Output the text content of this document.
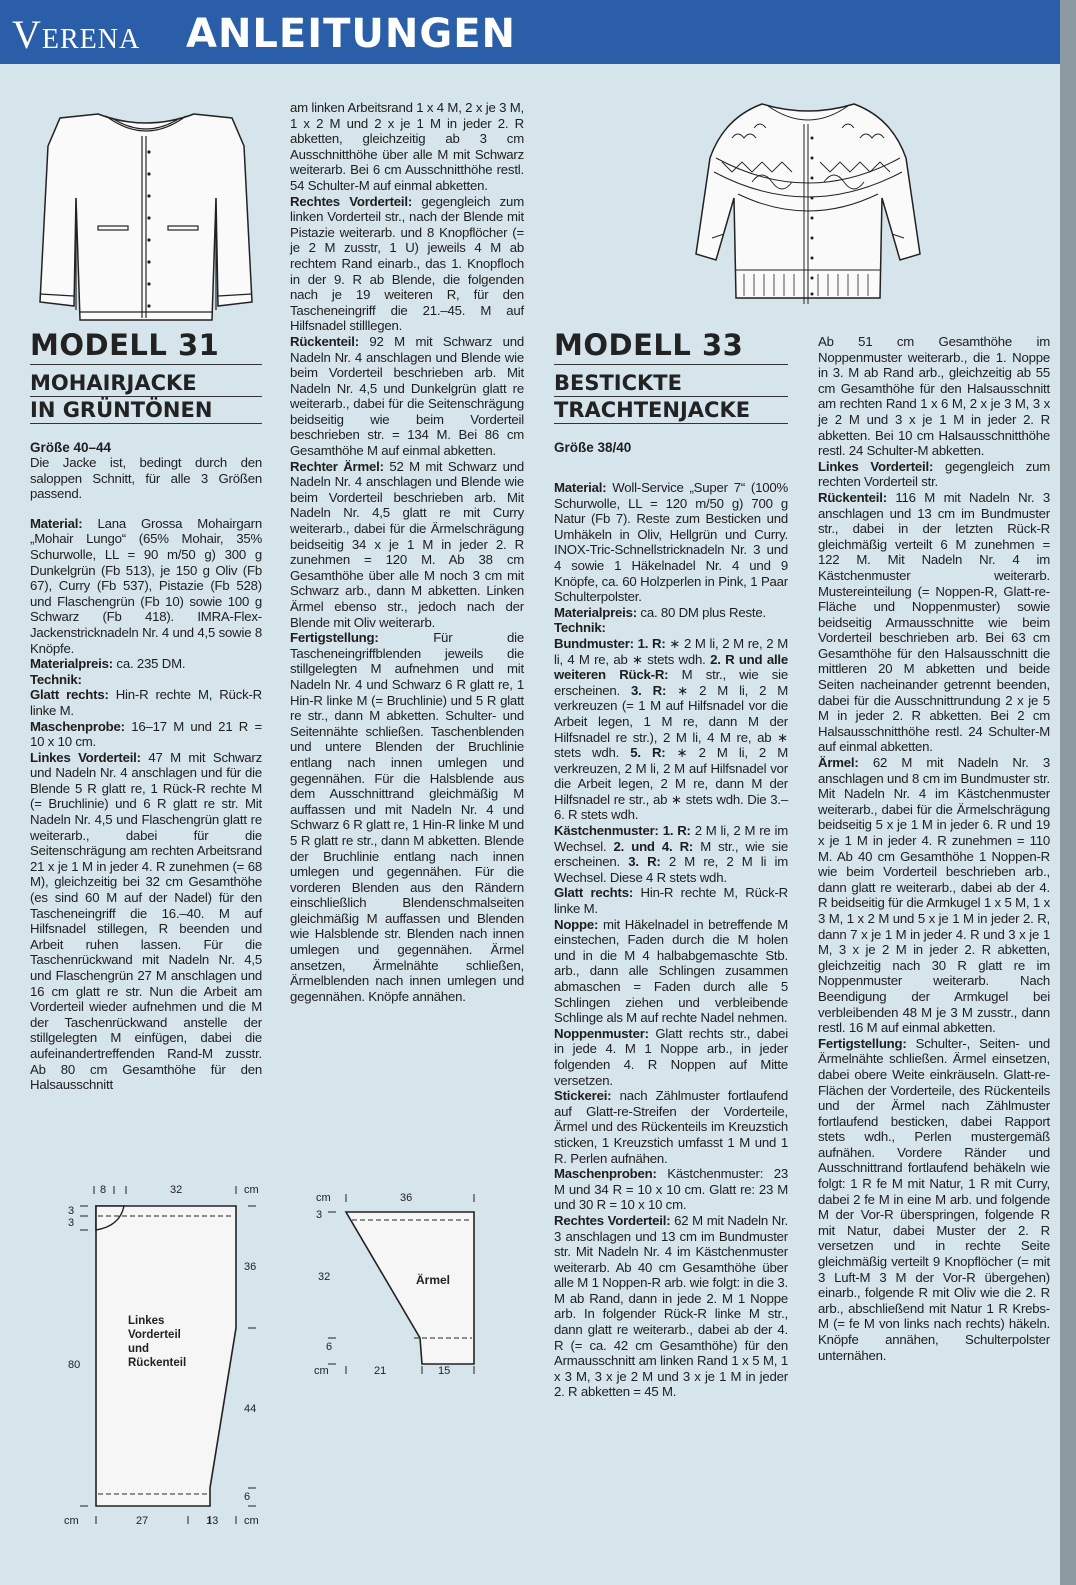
Verena ANLEITUNGEN
MODELL 31
MOHAIRJACKE
IN GRÜNTÖNEN
Größe 40–44

Die Jacke ist, bedingt durch den saloppen Schnitt, für alle 3 Größen passend.

Material: Lana Grossa Mohairgarn „Mohair Lungo“ (65% Mohair, 35% Schurwolle, LL = 90 m/50 g) 300 g Dunkelgrün (Fb 513), je 150 g Oliv (Fb 67), Curry (Fb 537), Pistazie (Fb 528) und Flaschengrün (Fb 10) sowie 100 g Schwarz (Fb 418). IMRA-Flex-Jackenstricknadeln Nr. 4 und 4,5 sowie 8 Knöpfe.

Materialpreis: ca. 235 DM.

Technik:

Glatt rechts: Hin-R rechte M, Rück-R linke M.

Maschenprobe: 16–17 M und 21 R = 10 x 10 cm.

Linkes Vorderteil: 47 M mit Schwarz und Nadeln Nr. 4 anschlagen und für die Blende 5 R glatt re, 1 Rück-R rechte M (= Bruchlinie) und 6 R glatt re str. Mit Nadeln Nr. 4,5 und Flaschengrün glatt re weiterarb., dabei für die Seitenschrägung am rechten Arbeitsrand 21 x je 1 M in jeder 4. R zunehmen (= 68 M), gleichzeitig bei 32 cm Gesamthöhe (es sind 60 M auf der Nadel) für den Tascheneingriff die 16.–40. M auf Hilfsnadel stillegen, R beenden und Arbeit ruhen lassen. Für die Taschenrückwand mit Nadeln Nr. 4,5 und Flaschengrün 27 M anschlagen und 16 cm glatt re str. Nun die Arbeit am Vorderteil wieder aufnehmen und die M der Taschenrückwand anstelle der stillgelegten M einfügen, dabei die aufeinandertreffenden Rand-M zusstr. Ab 80 cm Gesamthöhe für den Halsausschnitt

am linken Arbeitsrand 1 x 4 M, 2 x je 3 M, 1 x 2 M und 2 x je 1 M in jeder 2. R abketten, gleichzeitig ab 3 cm Ausschnitthöhe über alle M mit Schwarz weiterarb. Bei 6 cm Ausschnitthöhe restl. 54 Schulter-M auf einmal abketten.

Rechtes Vorderteil: gegengleich zum linken Vorderteil str., nach der Blende mit Pistazie weiterarb. und 8 Knopflöcher (= je 2 M zusstr, 1 U) jeweils 4 M ab rechtem Rand einarb., das 1. Knopfloch in der 9. R ab Blende, die folgenden nach je 19 weiteren R, für den Tascheneingriff die 21.–45. M auf Hilfsnadel stilllegen.

Rückenteil: 92 M mit Schwarz und Nadeln Nr. 4 anschlagen und Blende wie beim Vorderteil beschrieben arb. Mit Nadeln Nr. 4,5 und Dunkelgrün glatt re weiterarb., dabei für die Seitenschrägung beidseitig wie beim Vorderteil beschrieben str. = 134 M. Bei 86 cm Gesamthöhe M auf einmal abketten.

Rechter Ärmel: 52 M mit Schwarz und Nadeln Nr. 4 anschlagen und Blende wie beim Vorderteil beschrieben arb. Mit Nadeln Nr. 4,5 glatt re mit Curry weiterarb., dabei für die Ärmelschrägung beidseitig 34 x je 1 M in jeder 2. R zunehmen = 120 M. Ab 38 cm Gesamthöhe über alle M noch 3 cm mit Schwarz arb., dann M abketten. Linken Ärmel ebenso str., jedoch nach der Blende mit Oliv weiterarb.

Fertigstellung:	Für die Tascheneingriffblenden jeweils die stillgelegten M aufnehmen und mit Nadeln Nr. 4 und Schwarz 6 R glatt re, 1 Hin-R linke M (= Bruchlinie) und 5 R glatt re str., dann M abketten. Schulter- und Seitennähte schließen. Taschenblenden und untere Blenden der Bruchlinie entlang nach innen umlegen und gegennähen. Für die Halsblende aus dem Ausschnittrand gleichmäßig M auffassen und mit Nadeln Nr. 4 und Schwarz 6 R glatt re, 1 Hin-R linke M und 5 R glatt re str., dann M abketten. Blende der Bruchlinie entlang nach innen umlegen und gegennähen. Für die vorderen Blenden aus den Rändern einschließlich Blendenschmalseiten gleichmäßig M auffassen und Blenden wie Halsblende str. Blenden nach innen umlegen und gegennähen. Ärmel ansetzen, Ärmelnähte schließen, Ärmelblenden nach innen umlegen und gegennähen. Knöpfe annähen.

MODELL 33
BESTICKTE
TRACHTENJACKE
Größe 38/40

Material: Woll-Service „Super 7“ (100% Schurwolle, LL = 120 m/50 g) 700 g Natur (Fb 7). Reste zum Besticken und Umhäkeln in Oliv, Hellgrün und Curry. INOX-Tric-Schnellstricknadeln Nr. 3 und 4 sowie 1 Häkelnadel Nr. 4 und 9 Knöpfe, ca. 60 Holzperlen in Pink, 1 Paar Schulterpolster.

Materialpreis: ca. 80 DM plus Reste.

Technik:

Bundmuster: 1. R: ∗ 2 M li, 2 M re, 2 M li, 4 M re, ab ∗ stets wdh. 2. R und alle weiteren Rück-R: M str., wie sie erscheinen. 3. R: ∗ 2 M li, 2 M verkreuzen (= 1 M auf Hilfsnadel vor die Arbeit legen, 1 M re, dann M der Hilfsnadel re str.), 2 M li, 4 M re, ab ∗ stets wdh. 5. R: ∗ 2 M li, 2 M verkreuzen, 2 M li, 2 M auf Hilfsnadel vor die Arbeit legen, 2 M re, dann M der Hilfsnadel re str., ab ∗ stets wdh. Die 3.–6. R stets wdh.

Kästchenmuster: 1. R: 2 M li, 2 M re im Wechsel. 2. und 4. R: M str., wie sie erscheinen. 3. R: 2 M re, 2 M li im Wechsel. Diese 4 R stets wdh.

Glatt rechts: Hin-R rechte M, Rück-R linke M.

Noppe: mit Häkelnadel in betreffende M einstechen, Faden durch die M holen und in die M 4 halbabgemaschte Stb. arb., dann alle Schlingen zusammen abmaschen = Faden durch alle 5 Schlingen ziehen und verbleibende Schlinge als M auf rechte Nadel nehmen.

Noppenmuster: Glatt rechts str., dabei in jede 4. M 1 Noppe arb., in jeder folgenden 4. R Noppen auf Mitte versetzen.

Stickerei: nach Zählmuster fortlaufend auf Glatt-re-Streifen der Vorderteile, Ärmel und des Rückenteils im Kreuzstich sticken, 1 Kreuzstich umfasst 1 M und 1 R. Perlen aufnähen.

Maschenproben: Kästchenmuster: 23 M und 34 R = 10 x 10 cm. Glatt re: 23 M und 30 R = 10 x 10 cm.

Rechtes Vorderteil: 62 M mit Nadeln Nr. 3 anschlagen und 13 cm im Bundmuster str. Mit Nadeln Nr. 4 im Kästchenmuster weiterarb. Ab 40 cm Gesamthöhe über alle M 1 Noppen-R arb. wie folgt: in die 3. M ab Rand, dann in jede 2. M 1 Noppe arb. In folgender Rück-R linke M str., dann glatt re weiterarb., dabei ab der 4. R (= ca. 42 cm Gesamthöhe) für den Armausschnitt am linken Rand 1 x 5 M, 1 x 3 M, 3 x je 2 M und 3 x je 1 M in jeder 2. R abketten = 45 M.

Ab 51 cm Gesamthöhe im Noppenmuster weiterarb., die 1. Noppe in 3. M ab Rand arb., gleichzeitig ab 55 cm Gesamthöhe für den Halsausschnitt am rechten Rand 1 x 6 M, 2 x je 3 M, 3 x je 2 M und 3 x je 1 M in jeder 2. R abketten. Bei 10 cm Halsausschnitthöhe restl. 24 Schulter-M abketten.

Linkes Vorderteil: gegengleich zum rechten Vorderteil str.

Rückenteil: 116 M mit Nadeln Nr. 3 anschlagen und 13 cm im Bundmuster str., dabei in der letzten Rück-R gleichmäßig verteilt 6 M zunehmen = 122 M. Mit Nadeln Nr. 4 im Kästchenmuster weiterarb. Mustereinteilung (= Noppen-R, Glatt-re-Fläche und Noppenmuster) sowie beidseitig Armausschnitte wie beim Vorderteil beschrieben arb. Bei 63 cm Gesamthöhe für den Halsausschnitt die mittleren 20 M abketten und beide Seiten nacheinander getrennt beenden, dabei für die Ausschnittrundung 2 x je 5 M in jeder 2. R abketten. Bei 2 cm Halsausschnitthöhe restl. 24 Schulter-M auf einmal abketten.

Ärmel: 62 M mit Nadeln Nr. 3 anschlagen und 8 cm im Bundmuster str. Mit Nadeln Nr. 4 im Kästchenmuster weiterarb., dabei für die Ärmelschrägung beidseitig 5 x je 1 M in jeder 6. R und 19 x je 1 M in jeder 4. R zunehmen = 110 M. Ab 40 cm Gesamthöhe 1 Noppen-R wie beim Vorderteil beschrieben arb., dann glatt re weiterarb., dabei ab der 4. R beidseitig für die Armkugel 1 x 5 M, 1 x 3 M, 1 x 2 M und 5 x je 1 M in jeder 2. R, dann 7 x je 1 M in jeder 4. R und 3 x je 1 M, 3 x je 2 M in jeder 2. R abketten, gleichzeitig nach 30 R glatt re im Noppenmuster weiterarb. Nach Beendigung der Armkugel bei verbleibenden 48 M je 3 M zusstr., dann restl. 16 M auf einmal abketten.

Fertigstellung: Schulter-, Seiten- und Ärmelnähte schließen. Ärmel einsetzen, dabei obere Weite einkräuseln. Glatt-re-Flächen der Vorderteile, des Rückenteils und der Ärmel nach Zählmuster fortlaufend besticken, dabei Rapport stets wdh., Perlen mustergemäß aufnähen. Vordere Ränder und Ausschnittrand fortlaufend behäkeln wie folgt: 1 R fe M mit Natur, 1 R mit Curry, dabei 2 fe M in eine M arb. und folgende M der Vor-R überspringen, folgende R mit Natur, dabei Muster der 2. R versetzen und in rechte Seite gleichmäßig verteilt 9 Knopflöcher (= mit 3 Luft-M 3 M der Vor-R übergehen) einarb., folgende R mit Oliv wie die 2. R arb., abschließend mit Natur 1 R Krebs-M (= fe M von links nach rechts) häkeln. Knöpfe annähen, Schulterpolster unternähen.

8	32	cm
3
3
36
80
44
6
cm	27	13 cm
Linkes
Vorderteil
und
Rückenteil
cm	36
3
32
6
cm	21	15
Ärmel
